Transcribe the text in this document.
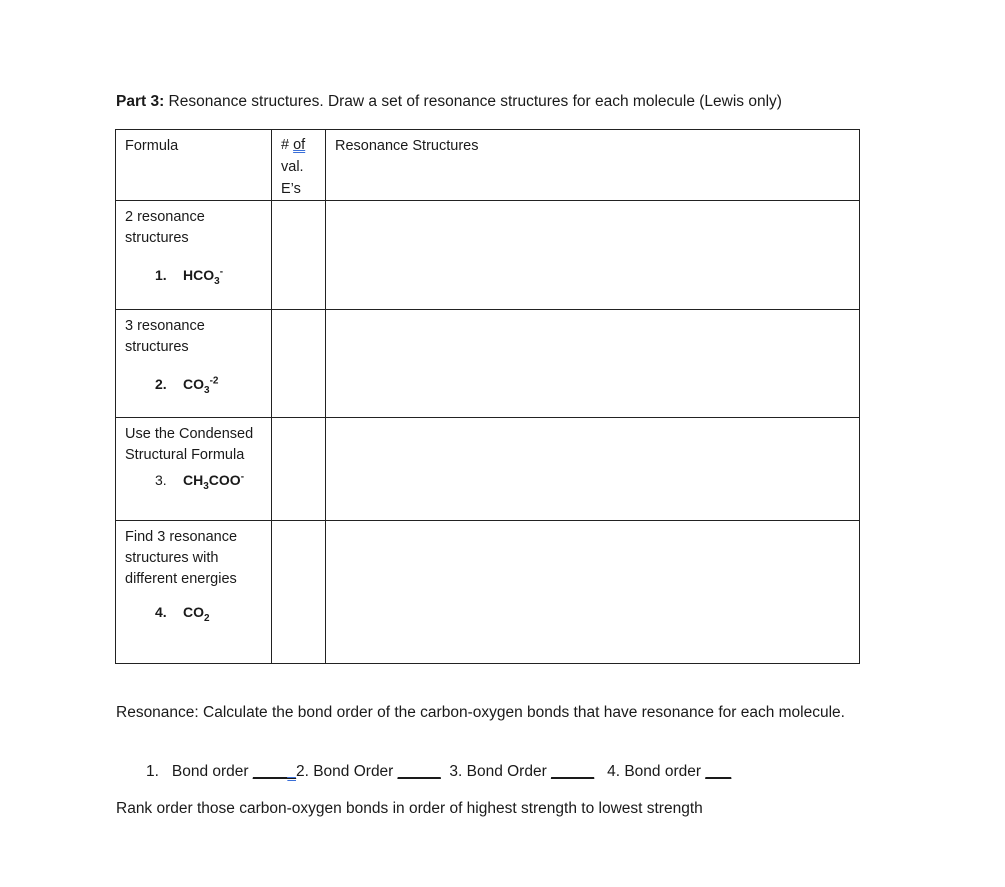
Part 3: Resonance structures. Draw a set of resonance structures for each molecule (Lewis only)
Formula	# of
val.
E’s	Resonance Structures

2 resonance
structures
1. $HCO_3^-$

3 resonance
structures
2. $CO_3^{-2}$

Use the Condensed
Structural Formula
3. $CH_3COO^-$

Find 3 resonance
structures with
different energies
4. $CO_2$

Resonance: Calculate the bond order of the carbon-oxygen bonds that have resonance for each molecule.
1. Bond order _____2. Bond Order _____ 3. Bond Order _____ 4. Bond order ___
Rank order those carbon-oxygen bonds in order of highest strength to lowest strength
